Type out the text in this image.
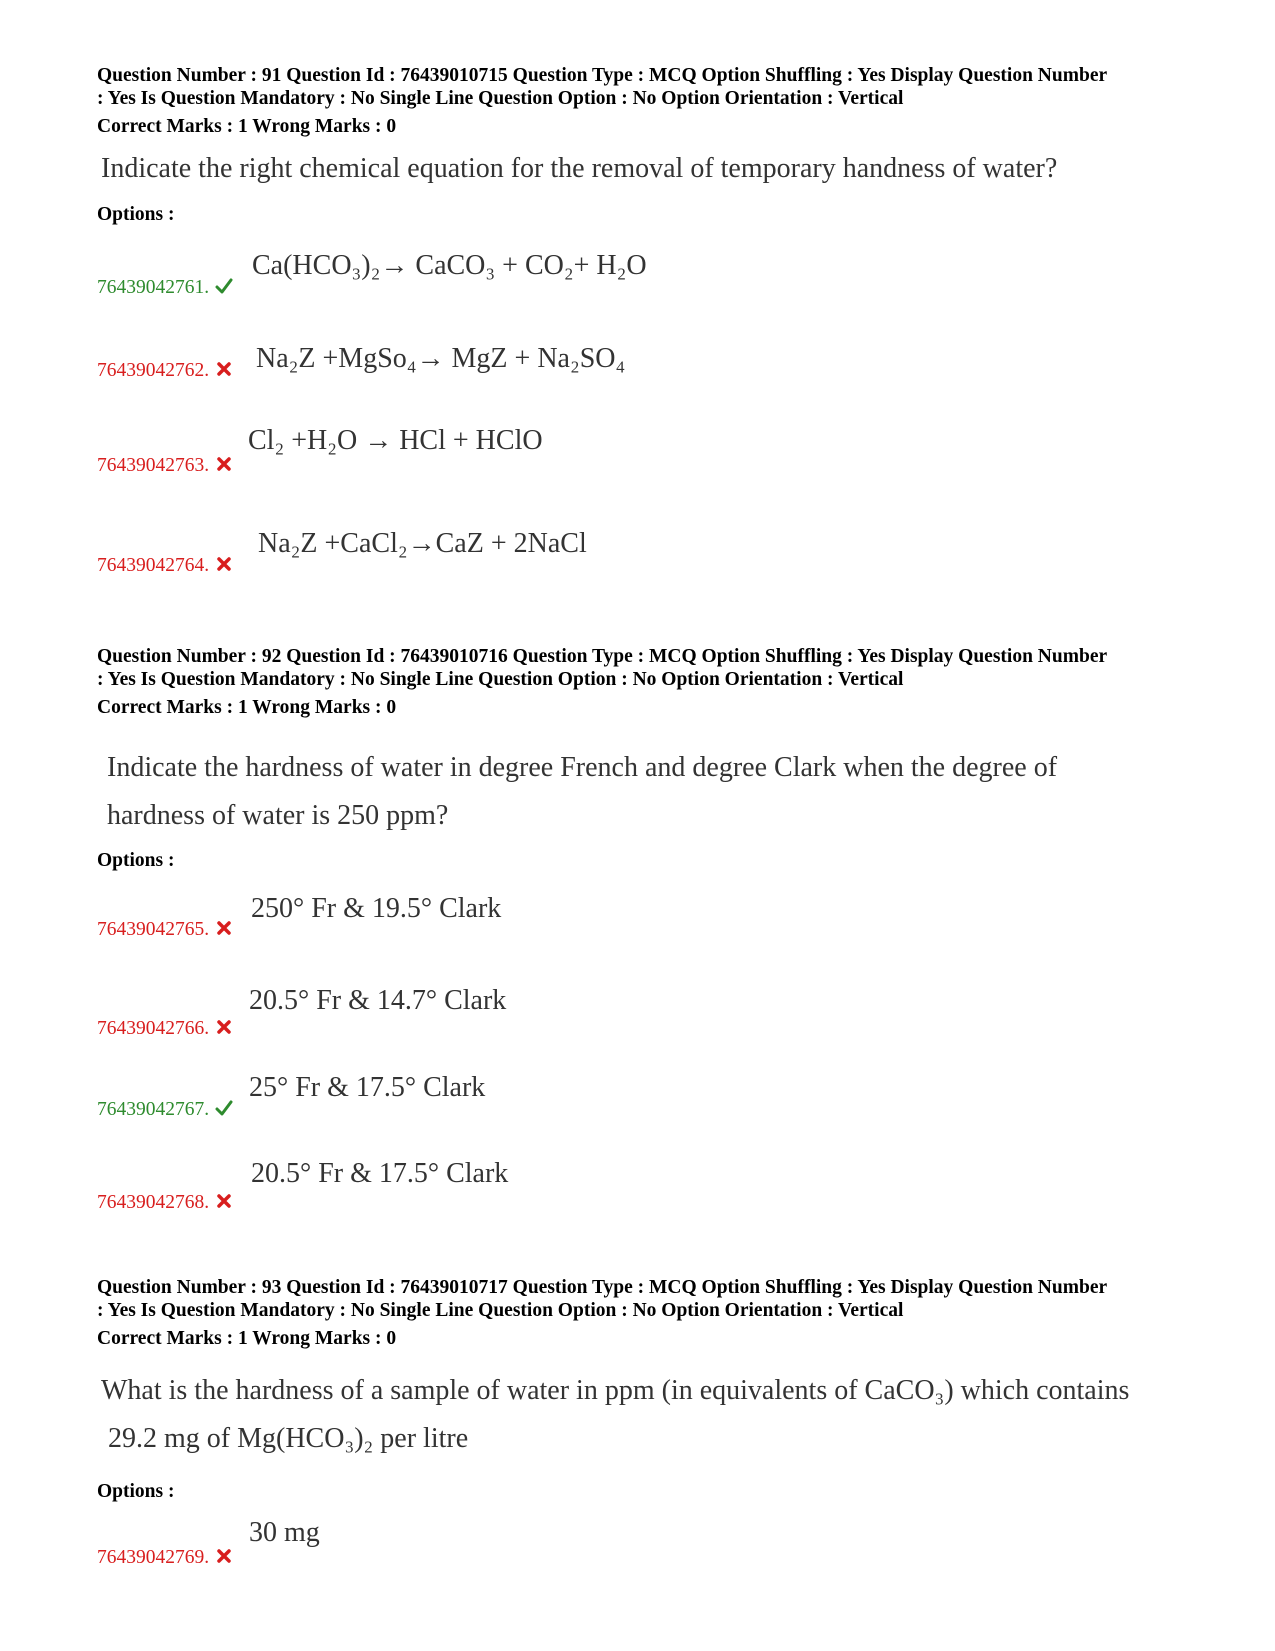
Question Number : 91 Question Id : 76439010715 Question Type : MCQ Option Shuffling : Yes Display Question Number
: Yes Is Question Mandatory : No Single Line Question Option : No Option Orientation : Vertical
Correct Marks : 1 Wrong Marks : 0
Indicate the right chemical equation for the removal of temporary handness of water?
Options :
Ca(HCO₃)₂→ CaCO₃ + CO₂+ H₂O
76439042761.
Na₂Z +MgSo₄→ MgZ + Na₂SO₄
76439042762.
Cl₂ +H₂O → HCl + HClO
76439042763.
Na₂Z +CaCl₂→CaZ + 2NaCl
76439042764.
Question Number : 92 Question Id : 76439010716 Question Type : MCQ Option Shuffling : Yes Display Question Number
: Yes Is Question Mandatory : No Single Line Question Option : No Option Orientation : Vertical
Correct Marks : 1 Wrong Marks : 0
Indicate the hardness of water in degree French and degree Clark when the degree of
hardness of water is 250 ppm?
Options :
250° Fr & 19.5° Clark
76439042765.
20.5° Fr & 14.7° Clark
76439042766.
25° Fr & 17.5° Clark
76439042767.
20.5° Fr & 17.5° Clark
76439042768.
Question Number : 93 Question Id : 76439010717 Question Type : MCQ Option Shuffling : Yes Display Question Number
: Yes Is Question Mandatory : No Single Line Question Option : No Option Orientation : Vertical
Correct Marks : 1 Wrong Marks : 0
What is the hardness of a sample of water in ppm (in equivalents of CaCO₃) which contains
29.2 mg of Mg(HCO₃)₂ per litre
Options :
30 mg
76439042769.
